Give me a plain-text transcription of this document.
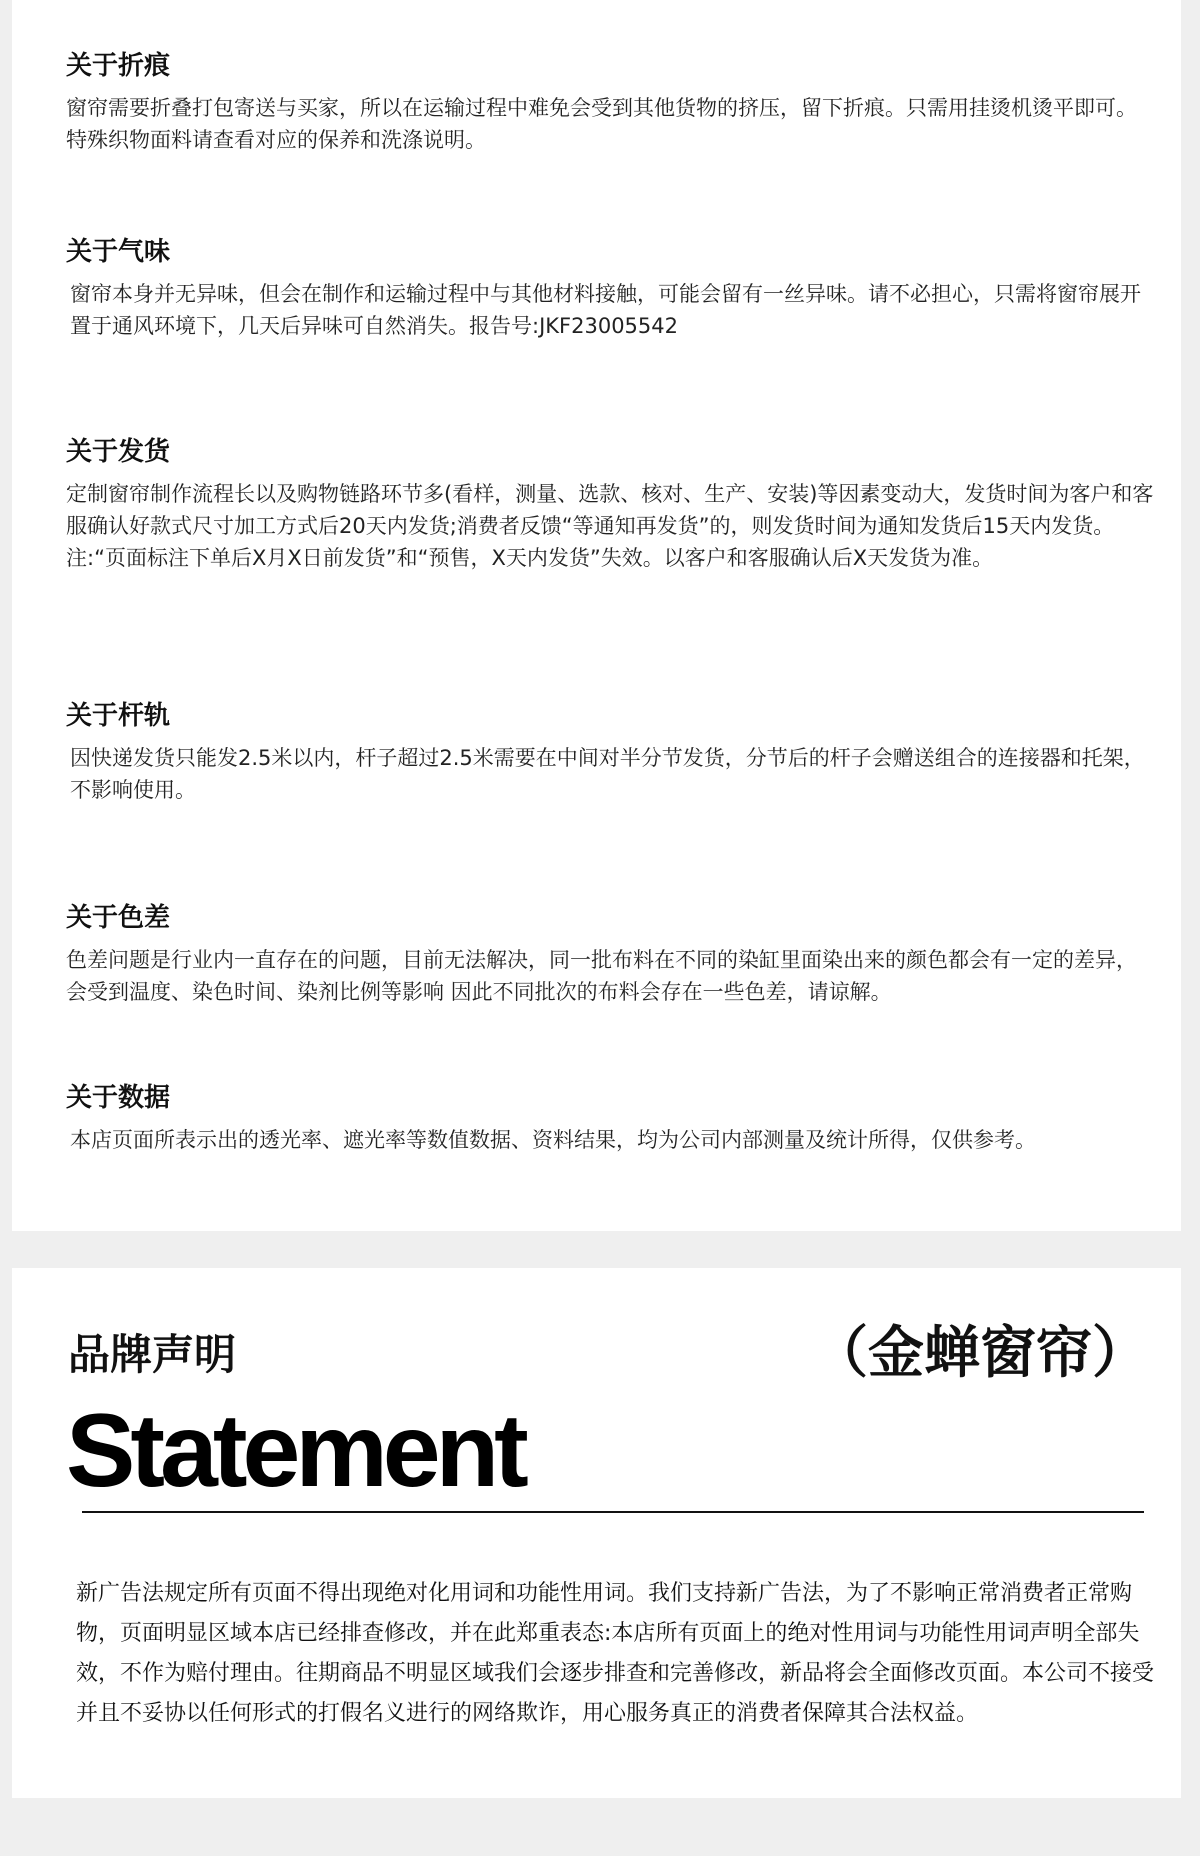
关于折痕

窗帘需要折叠打包寄送与买家，所以在运输过程中难免会受到其他货物的挤压，留下折痕。只需用挂烫机烫平即可。特殊织物面料请查看对应的保养和洗涤说明。

关于气味

窗帘本身并无异味，但会在制作和运输过程中与其他材料接触，可能会留有一丝异味。请不必担心，只需将窗帘展开置于通风环境下，几天后异味可自然消失。报告号:JKF23005542

关于发货

定制窗帘制作流程长以及购物链路环节多(看样，测量、选款、核对、生产、安装)等因素变动大，发货时间为客户和客服确认好款式尺寸加工方式后20天内发货;消费者反馈“等通知再发货”的，则发货时间为通知发货后15天内发货。注:“页面标注下单后X月X日前发货”和“预售，X天内发货”失效。以客户和客服确认后X天发货为准。

关于杆轨

因快递发货只能发2.5米以内，杆子超过2.5米需要在中间对半分节发货，分节后的杆子会赠送组合的连接器和托架，不影响使用。

关于色差

色差问题是行业内一直存在的问题，目前无法解决，同一批布料在不同的染缸里面染出来的颜色都会有一定的差异，会受到温度、染色时间、染剂比例等影响 因此不同批次的布料会存在一些色差，请谅解。

关于数据

本店页面所表示出的透光率、遮光率等数值数据、资料结果，均为公司内部测量及统计所得，仅供参考。

品牌声明	（金蝉窗帘）
Statement

新广告法规定所有页面不得出现绝对化用词和功能性用词。我们支持新广告法，为了不影响正常消费者正常购物，页面明显区域本店已经排查修改，并在此郑重表态:本店所有页面上的绝对性用词与功能性用词声明全部失效，不作为赔付理由。往期商品不明显区域我们会逐步排查和完善修改，新品将会全面修改页面。本公司不接受并且不妥协以任何形式的打假名义进行的网络欺诈，用心服务真正的消费者保障其合法权益。
